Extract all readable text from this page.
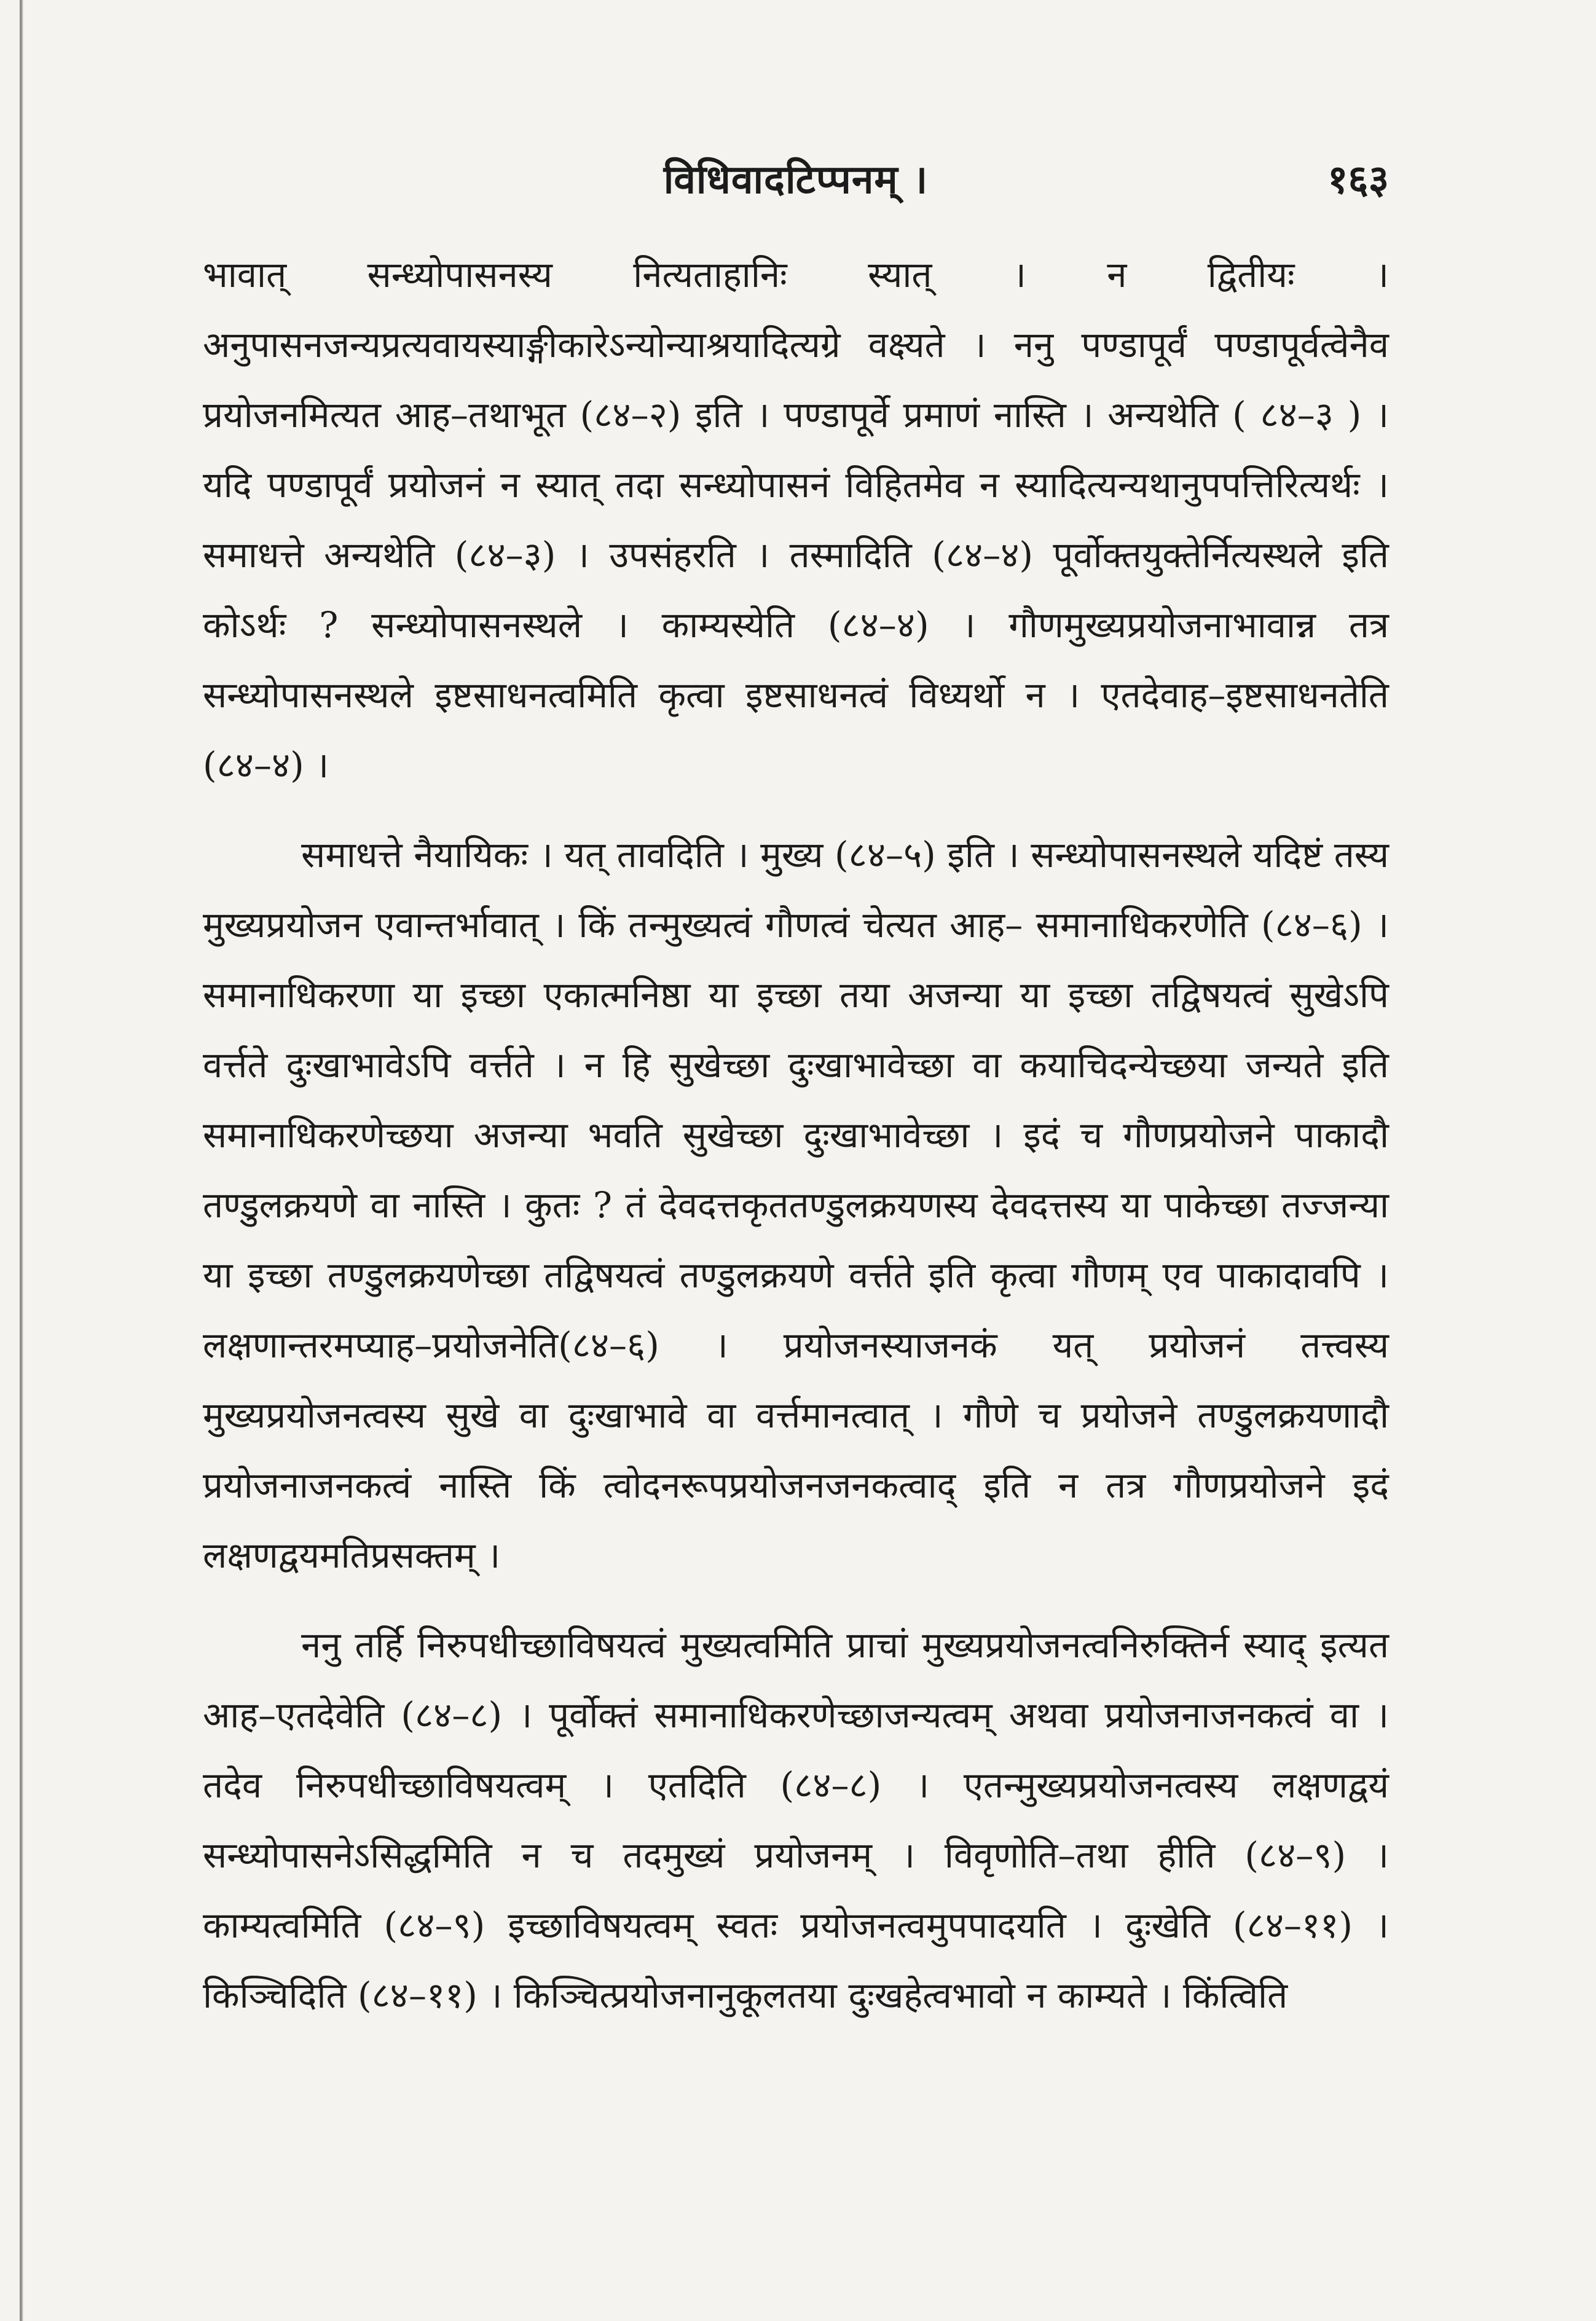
विधिवादटिप्पनम् ।	१६३

भावात् सन्ध्योपासनस्य नित्यताहानिः स्यात् । न द्वितीयः । अनुपासनजन्यप्रत्यवायस्याङ्गीकारेऽन्योन्याश्रयादित्यग्रे वक्ष्यते । ननु पण्डापूर्वं पण्डापूर्वत्वेनैव प्रयोजनमित्यत आह–तथाभूत (८४–२) इति । पण्डापूर्वे प्रमाणं नास्ति । अन्यथेति ( ८४–३ ) । यदि पण्डापूर्वं प्रयोजनं न स्यात् तदा सन्ध्योपासनं विहितमेव न स्यादित्यन्यथानुपपत्तिरित्यर्थः । समाधत्ते अन्यथेति (८४–३) । उपसंहरति । तस्मादिति (८४–४) पूर्वोक्तयुक्तेर्नित्यस्थले इति कोऽर्थः ? सन्ध्योपासनस्थले । काम्यस्येति (८४–४) । गौणमुख्यप्रयोजनाभावान्न तत्र सन्ध्योपासनस्थले इष्टसाधनत्वमिति कृत्वा इष्टसाधनत्वं विध्यर्थो न । एतदेवाह–इष्टसाधनतेति (८४–४) ।

समाधत्ते नैयायिकः । यत् तावदिति । मुख्य (८४–५) इति । सन्ध्योपासनस्थले यदिष्टं तस्य मुख्यप्रयोजन एवान्तर्भावात् । किं तन्मुख्यत्वं गौणत्वं चेत्यत आह– समानाधिकरणेति (८४–६) । समानाधिकरणा या इच्छा एकात्मनिष्ठा या इच्छा तया अजन्या या इच्छा तद्विषयत्वं सुखेऽपि वर्त्तते दुःखाभावेऽपि वर्त्तते । न हि सुखेच्छा दुःखाभावेच्छा वा कयाचिदन्येच्छया जन्यते इति समानाधिकरणेच्छया अजन्या भवति सुखेच्छा दुःखाभावेच्छा । इदं च गौणप्रयोजने पाकादौ तण्डुलक्रयणे वा नास्ति । कुतः ? तं देवदत्तकृततण्डुलक्रयणस्य देवदत्तस्य या पाकेच्छा तज्जन्या या इच्छा तण्डुलक्रयणेच्छा तद्विषयत्वं तण्डुलक्रयणे वर्त्तते इति कृत्वा गौणम् एव पाकादावपि । लक्षणान्तरमप्याह–प्रयोजनेति(८४–६) । प्रयोजनस्याजनकं यत् प्रयोजनं तत्त्वस्य मुख्यप्रयोजनत्वस्य सुखे वा दुःखाभावे वा वर्त्तमानत्वात् । गौणे च प्रयोजने तण्डुलक्रयणादौ प्रयोजनाजनकत्वं नास्ति किं त्वोदनरूपप्रयोजनजनकत्वाद् इति न तत्र गौणप्रयोजने इदं लक्षणद्वयमतिप्रसक्तम् ।

ननु तर्हि निरुपधीच्छाविषयत्वं मुख्यत्वमिति प्राचां मुख्यप्रयोजनत्वनिरुक्तिर्न स्याद् इत्यत आह–एतदेवेति (८४–८) । पूर्वोक्तं समानाधिकरणेच्छाजन्यत्वम् अथवा प्रयोजनाजनकत्वं वा । तदेव निरुपधीच्छाविषयत्वम् । एतदिति (८४–८) । एतन्मुख्यप्रयोजनत्वस्य लक्षणद्वयं सन्ध्योपासनेऽसिद्धमिति न च तदमुख्यं प्रयोजनम् । विवृणोति–तथा हीति (८४–९) । काम्यत्वमिति (८४–९) इच्छाविषयत्वम् स्वतः प्रयोजनत्वमुपपादयति । दुःखेति (८४–११) । किञ्चिदिति (८४–११) । किञ्चित्प्रयोजनानुकूलतया दुःखहेत्वभावो न काम्यते । किंत्विति
